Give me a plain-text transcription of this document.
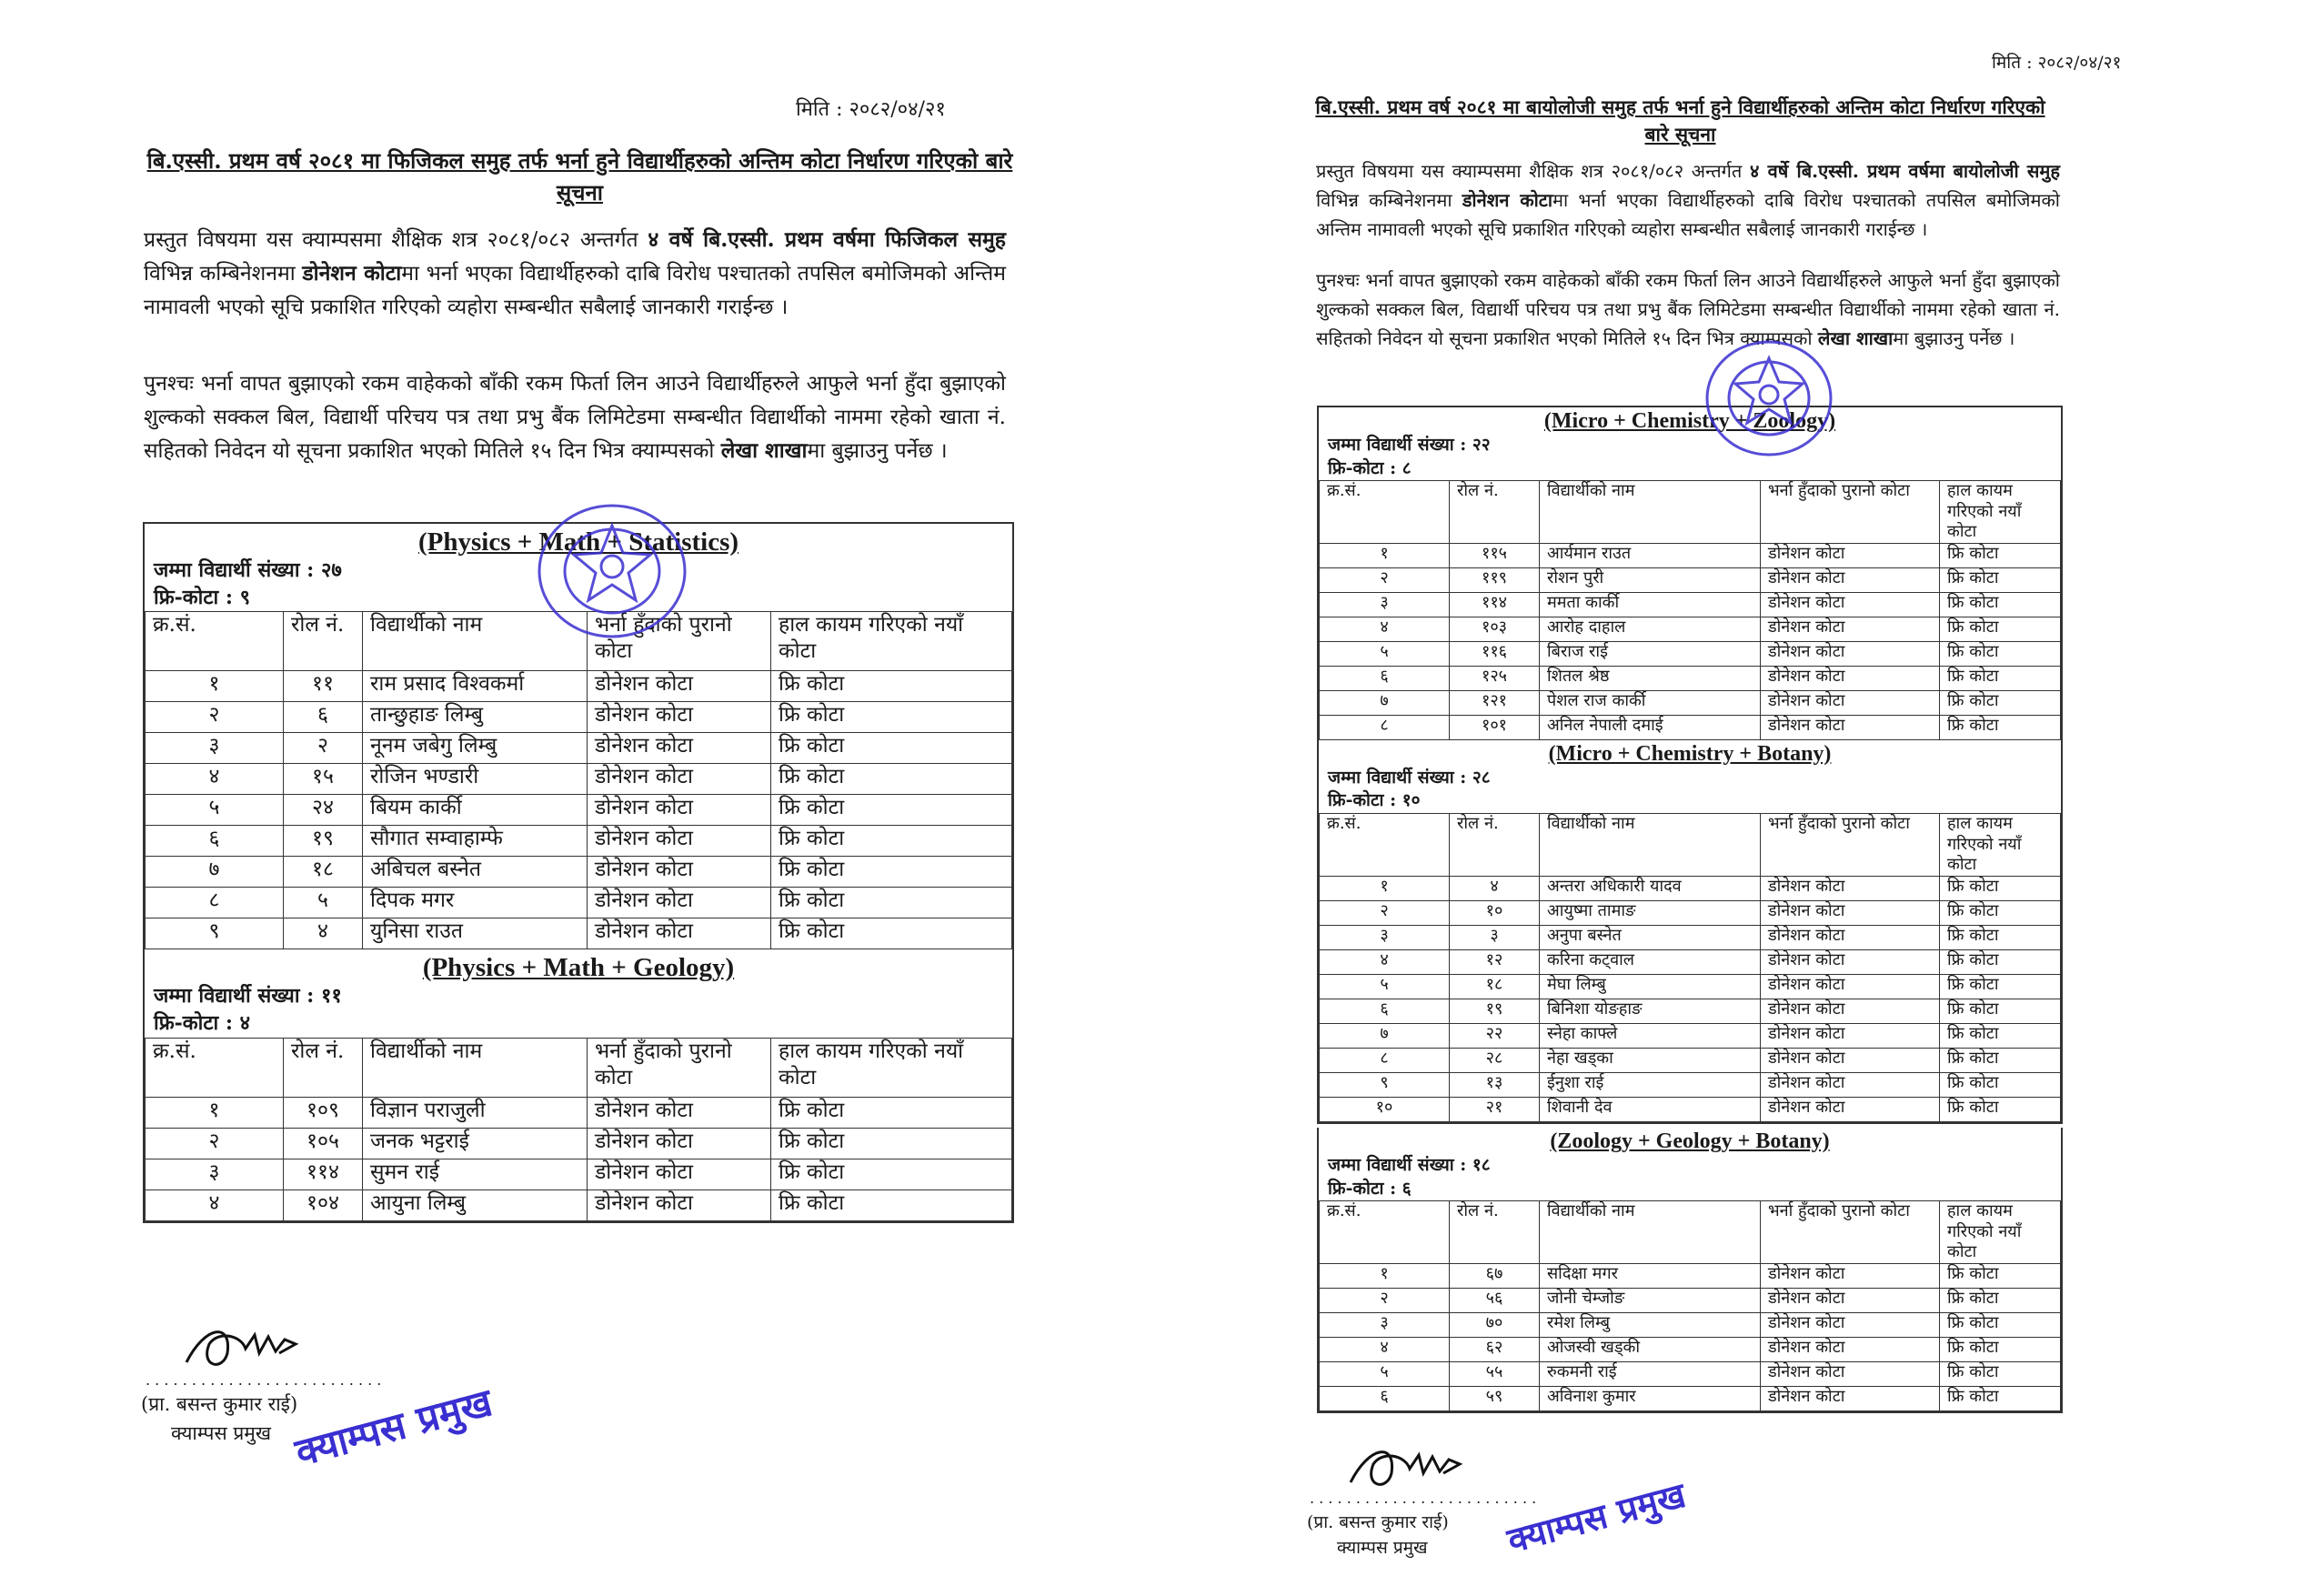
मिति : २०८२/०४/२१
बि.एस्सी. प्रथम वर्ष २०८१ मा फिजिकल समुह तर्फ भर्ना हुने विद्यार्थीहरुको अन्तिम कोटा निर्धारण गरिएको बारे सूचना
प्रस्तुत विषयमा यस क्याम्पसमा शैक्षिक शत्र २०८१/०८२ अन्तर्गत ४ वर्षे बि.एस्सी. प्रथम वर्षमा फिजिकल समुह विभिन्न कम्बिनेशनमा डोनेशन कोटामा भर्ना भएका विद्यार्थीहरुको दाबि विरोध पश्चातको तपसिल बमोजिमको अन्तिम नामावली भएको सूचि प्रकाशित गरिएको व्यहोरा सम्बन्धीत सबैलाई जानकारी गराईन्छ ।
पुनश्चः भर्ना वापत बुझाएको रकम वाहेकको बाँकी रकम फिर्ता लिन आउने विद्यार्थीहरुले आफुले भर्ना हुँदा बुझाएको शुल्कको सक्कल बिल, विद्यार्थी परिचय पत्र तथा प्रभु बैंक लिमिटेडमा सम्बन्धीत विद्यार्थीको नाममा रहेको खाता नं. सहितको निवेदन यो सूचना प्रकाशित भएको मितिले १५ दिन भित्र क्याम्पसको लेखा शाखामा बुझाउनु पर्नेछ ।
(Physics + Math + Statistics)
जम्मा विद्यार्थी संख्या : २७
फ्रि-कोटा : ९
क्र.सं.	रोल नं.	विद्यार्थीको नाम	भर्ना हुँदाको पुरानो कोटा	हाल कायम गरिएको नयाँ कोटा
१	११	राम प्रसाद विश्वकर्मा	डोनेशन कोटा	फ्रि कोटा
२	६	तान्छुहाङ लिम्बु	डोनेशन कोटा	फ्रि कोटा
३	२	नूनम जबेगु लिम्बु	डोनेशन कोटा	फ्रि कोटा
४	१५	रोजिन भण्डारी	डोनेशन कोटा	फ्रि कोटा
५	२४	बियम कार्की	डोनेशन कोटा	फ्रि कोटा
६	१९	सौगात सम्वाहाम्फे	डोनेशन कोटा	फ्रि कोटा
७	१८	अबिचल बस्नेत	डोनेशन कोटा	फ्रि कोटा
८	५	दिपक मगर	डोनेशन कोटा	फ्रि कोटा
९	४	युनिसा राउत	डोनेशन कोटा	फ्रि कोटा
(Physics + Math + Geology)
जम्मा विद्यार्थी संख्या : ११
फ्रि-कोटा : ४
क्र.सं.	रोल नं.	विद्यार्थीको नाम	भर्ना हुँदाको पुरानो कोटा	हाल कायम गरिएको नयाँ कोटा
१	१०९	विज्ञान पराजुली	डोनेशन कोटा	फ्रि कोटा
२	१०५	जनक भट्टराई	डोनेशन कोटा	फ्रि कोटा
३	११४	सुमन राई	डोनेशन कोटा	फ्रि कोटा
४	१०४	आयुना लिम्बु	डोनेशन कोटा	फ्रि कोटा
. . . . . . . . . . . . . . . . . . . . . . . . . .
(प्रा. बसन्त कुमार राई)
क्याम्पस प्रमुख क्याम्पस प्रमुख
मिति : २०८२/०४/२१
बि.एस्सी. प्रथम वर्ष २०८१ मा बायोलोजी समुह तर्फ भर्ना हुने विद्यार्थीहरुको अन्तिम कोटा निर्धारण गरिएको बारे सूचना
प्रस्तुत विषयमा यस क्याम्पसमा शैक्षिक शत्र २०८१/०८२ अन्तर्गत ४ वर्षे बि.एस्सी. प्रथम वर्षमा बायोलोजी समुह विभिन्न कम्बिनेशनमा डोनेशन कोटामा भर्ना भएका विद्यार्थीहरुको दाबि विरोध पश्चातको तपसिल बमोजिमको अन्तिम नामावली भएको सूचि प्रकाशित गरिएको व्यहोरा सम्बन्धीत सबैलाई जानकारी गराईन्छ ।
पुनश्चः भर्ना वापत बुझाएको रकम वाहेकको बाँकी रकम फिर्ता लिन आउने विद्यार्थीहरुले आफुले भर्ना हुँदा बुझाएको शुल्कको सक्कल बिल, विद्यार्थी परिचय पत्र तथा प्रभु बैंक लिमिटेडमा सम्बन्धीत विद्यार्थीको नाममा रहेको खाता नं. सहितको निवेदन यो सूचना प्रकाशित भएको मितिले १५ दिन भित्र क्याम्पसको लेखा शाखामा बुझाउनु पर्नेछ ।
(Micro + Chemistry + Zoology)
जम्मा विद्यार्थी संख्या : २२
फ्रि-कोटा : ८
क्र.सं.	रोल नं.	विद्यार्थीको नाम	भर्ना हुँदाको पुरानो कोटा	हाल कायम गरिएको नयाँ कोटा
१	११५	आर्यमान राउत	डोनेशन कोटा	फ्रि कोटा
२	११९	रोशन पुरी	डोनेशन कोटा	फ्रि कोटा
३	११४	ममता कार्की	डोनेशन कोटा	फ्रि कोटा
४	१०३	आरोह दाहाल	डोनेशन कोटा	फ्रि कोटा
५	११६	बिराज राई	डोनेशन कोटा	फ्रि कोटा
६	१२५	शितल श्रेष्ठ	डोनेशन कोटा	फ्रि कोटा
७	१२१	पेशल राज कार्की	डोनेशन कोटा	फ्रि कोटा
८	१०१	अनिल नेपाली दमाई	डोनेशन कोटा	फ्रि कोटा
(Micro + Chemistry + Botany)
जम्मा विद्यार्थी संख्या : २८
फ्रि-कोटा : १०
क्र.सं.	रोल नं.	विद्यार्थीको नाम	भर्ना हुँदाको पुरानो कोटा	हाल कायम गरिएको नयाँ कोटा
१	४	अन्तरा अधिकारी यादव	डोनेशन कोटा	फ्रि कोटा
२	१०	आयुष्मा तामाङ	डोनेशन कोटा	फ्रि कोटा
३	३	अनुपा बस्नेत	डोनेशन कोटा	फ्रि कोटा
४	१२	करिना कट्वाल	डोनेशन कोटा	फ्रि कोटा
५	१८	मेघा लिम्बु	डोनेशन कोटा	फ्रि कोटा
६	१९	बिनिशा योङहाङ	डोनेशन कोटा	फ्रि कोटा
७	२२	स्नेहा काफ्ले	डोनेशन कोटा	फ्रि कोटा
८	२८	नेहा खड्का	डोनेशन कोटा	फ्रि कोटा
९	१३	ईनुशा राई	डोनेशन कोटा	फ्रि कोटा
१०	२१	शिवानी देव	डोनेशन कोटा	फ्रि कोटा
(Zoology + Geology + Botany)
जम्मा विद्यार्थी संख्या : १८
फ्रि-कोटा : ६
क्र.सं.	रोल नं.	विद्यार्थीको नाम	भर्ना हुँदाको पुरानो कोटा	हाल कायम गरिएको नयाँ कोटा
१	६७	सदिक्षा मगर	डोनेशन कोटा	फ्रि कोटा
२	५६	जोनी चेम्जोङ	डोनेशन कोटा	फ्रि कोटा
३	७०	रमेश लिम्बु	डोनेशन कोटा	फ्रि कोटा
४	६२	ओजस्वी खड्की	डोनेशन कोटा	फ्रि कोटा
५	५५	रुकमनी राई	डोनेशन कोटा	फ्रि कोटा
६	५९	अविनाश कुमार	डोनेशन कोटा	फ्रि कोटा
. . . . . . . . . . . . . . . . . . . . . . . . .
(प्रा. बसन्त कुमार राई)
क्याम्पस प्रमुख क्याम्पस प्रमुख
